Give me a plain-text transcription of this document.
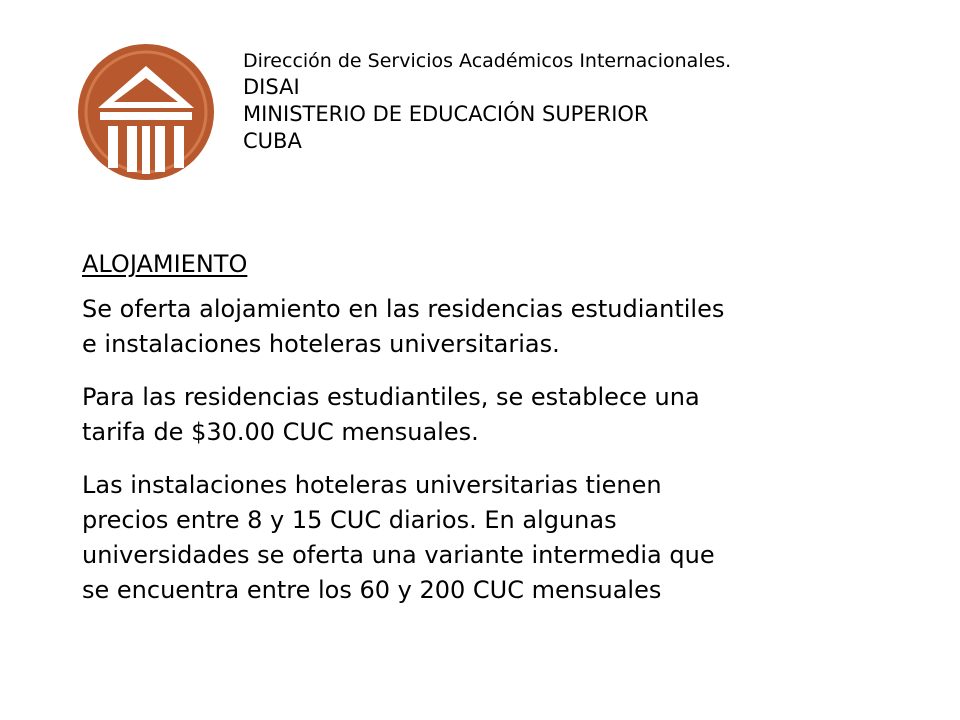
Dirección de Servicios Académicos Internacionales.
DISAI
MINISTERIO DE EDUCACIÓN SUPERIOR
CUBA
ALOJAMIENTO
Se oferta alojamiento en las residencias estudiantiles
e instalaciones hoteleras universitarias.
Para las residencias estudiantiles, se establece una
tarifa de $30.00 CUC mensuales.
Las instalaciones hoteleras universitarias tienen
precios entre 8 y 15 CUC diarios. En algunas
universidades se oferta una variante intermedia que
se encuentra entre los 60 y 200 CUC mensuales
